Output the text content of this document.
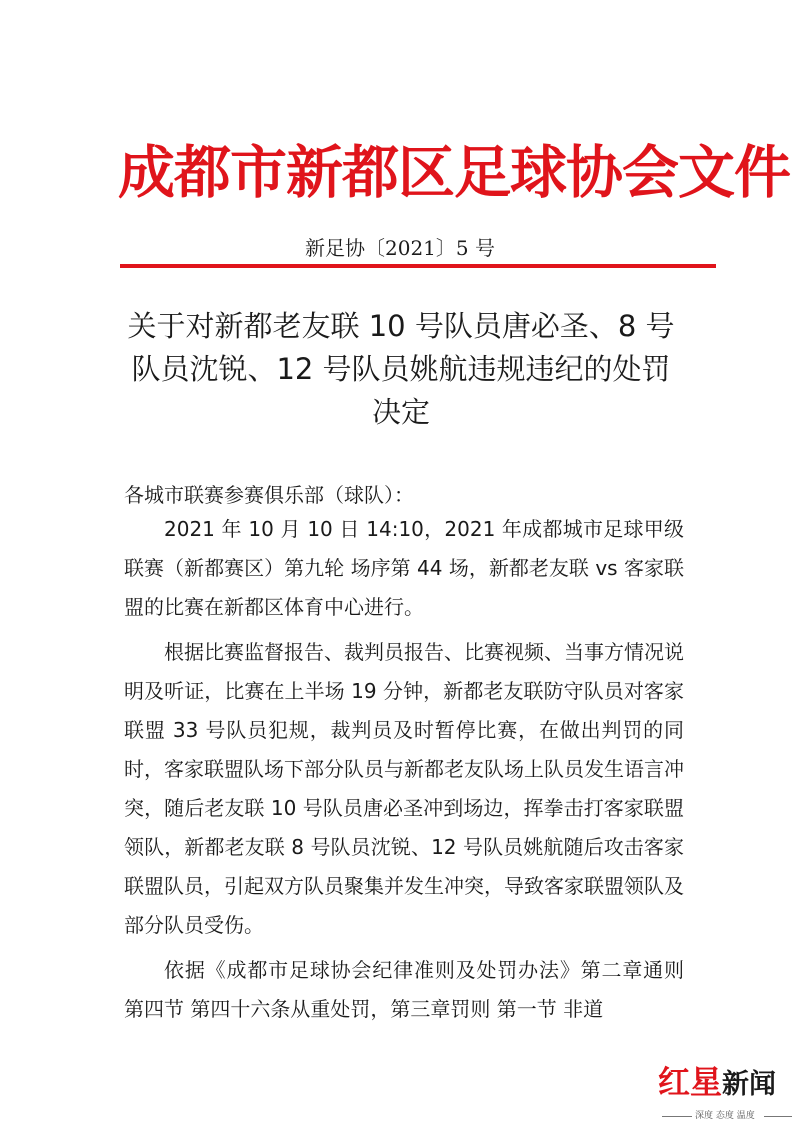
成都市新都区足球协会文件
新足协〔2021〕5 号
关于对新都老友联 10 号队员唐必圣、8 号队员沈锐、12 号队员姚航违规违纪的处罚决定
各城市联赛参赛俱乐部（球队）：

2021 年 10 月 10 日 14:10，2021 年成都城市足球甲级联赛（新都赛区）第九轮 场序第 44 场，新都老友联 vs 客家联盟的比赛在新都区体育中心进行。

根据比赛监督报告、裁判员报告、比赛视频、当事方情况说明及听证，比赛在上半场 19 分钟，新都老友联防守队员对客家联盟 33 号队员犯规，裁判员及时暂停比赛，在做出判罚的同时，客家联盟队场下部分队员与新都老友队场上队员发生语言冲突，随后老友联 10 号队员唐必圣冲到场边，挥拳击打客家联盟领队，新都老友联 8 号队员沈锐、12 号队员姚航随后攻击客家联盟队员，引起双方队员聚集并发生冲突，导致客家联盟领队及部分队员受伤。

依据《成都市足球协会纪律准则及处罚办法》第二章通则 第四节 第四十六条从重处罚，第三章罚则 第一节 非道

红星新闻
深度 态度 温度
